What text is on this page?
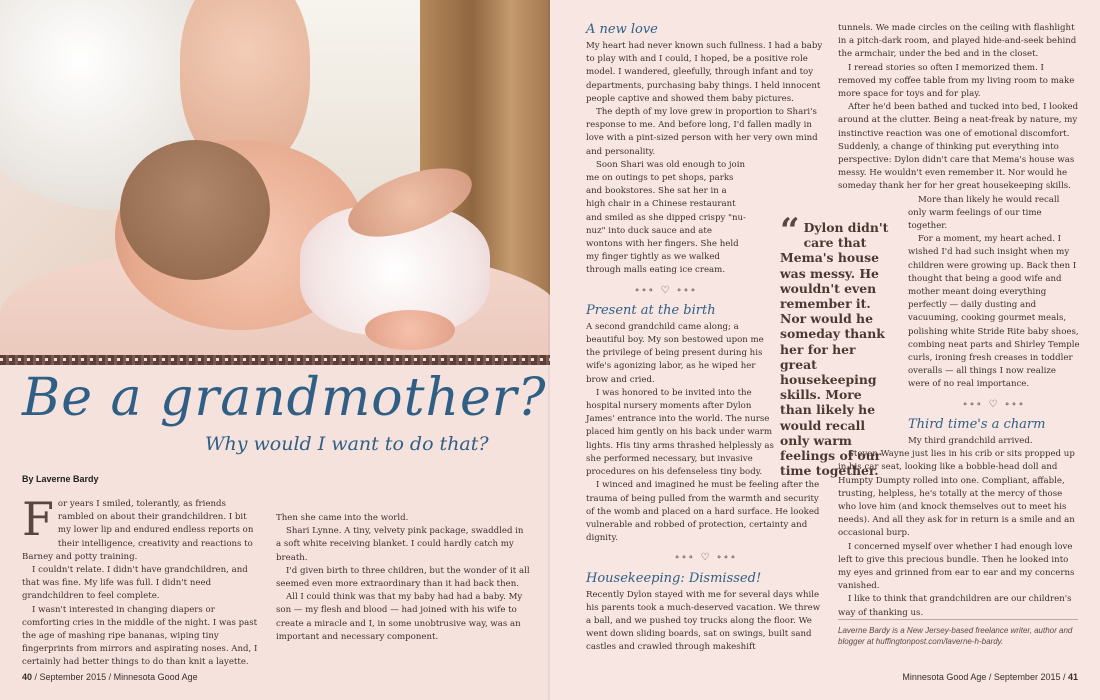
Be a grandmother?
Why would I want to do that?
By Laverne Bardy
F or years I smiled, tolerantly, as friends rambled on about their grandchildren. I bit my lower lip and endured endless reports on their intelligence, creativity and reactions to Barney and potty training.

I couldn't relate. I didn't have grandchildren, and that was fine. My life was full. I didn't need grandchildren to feel complete.

I wasn't interested in changing diapers or comforting cries in the middle of the night. I was past the age of mashing ripe bananas, wiping tiny fingerprints from mirrors and aspirating noses. And, I certainly had better things to do than knit a layette.

Then she came into the world.

Shari Lynne. A tiny, velvety pink package, swaddled in a soft white receiving blanket. I could hardly catch my breath.

I'd given birth to three children, but the wonder of it all seemed even more extraordinary than it had back then.

All I could think was that my baby had had a baby. My son — my flesh and blood — had joined with his wife to create a miracle and I, in some unobtrusive way, was an important and necessary component.

40 / September 2015 / Minnesota Good Age
A new love

My heart had never known such fullness. I had a baby to play with and I could, I hoped, be a positive role model. I wandered, gleefully, through infant and toy departments, purchasing baby things. I held innocent people captive and showed them baby pictures.

The depth of my love grew in proportion to Shari's response to me. And before long, I'd fallen madly in love with a pint-sized person with her very own mind and personality.

Soon Shari was old enough to join me on outings to pet shops, parks and bookstores. She sat her in a high chair in a Chinese restaurant and smiled as she dipped crispy "nu-nuz" into duck sauce and ate wontons with her fingers. She held my finger tightly as we walked through malls eating ice cream.

∘∘∘ ♡ ∘∘∘
Present at the birth

A second grandchild came along; a beautiful boy. My son bestowed upon me the privilege of being present during his wife's agonizing labor, as he wiped her brow and cried.

I was honored to be invited into the hospital nursery moments after Dylon James' entrance into the world. The nurse placed him gently on his back under warm lights. His tiny arms thrashed helplessly as she performed necessary, but invasive procedures on his defenseless tiny body.

I winced and imagined he must be feeling after the trauma of being pulled from the warmth and security of the womb and placed on a hard surface. He looked vulnerable and robbed of protection, certainty and dignity.

∘∘∘ ♡ ∘∘∘
Housekeeping: Dismissed!

Recently Dylon stayed with me for several days while his parents took a much-deserved vacation. We threw a ball, and we pushed toy trucks along the floor. We went down sliding boards, sat on swings, built sand castles and crawled through makeshift

“ Dylon didn't care that Mema's house was messy. He wouldn't even remember it. Nor would he someday thank her for her great housekeeping skills. More than likely he would recall only warm feelings of our time together.

tunnels. We made circles on the ceiling with flashlight in a pitch-dark room, and played hide-and-seek behind the armchair, under the bed and in the closet.

I reread stories so often I memorized them. I removed my coffee table from my living room to make more space for toys and for play.

After he'd been bathed and tucked into bed, I looked around at the clutter. Being a neat-freak by nature, my instinctive reaction was one of emotional discomfort. Suddenly, a change of thinking put everything into perspective: Dylon didn't care that Mema's house was messy. He wouldn't even remember it. Nor would he someday thank her for her great housekeeping skills.

More than likely he would recall only warm feelings of our time together.

For a moment, my heart ached. I wished I'd had such insight when my children were growing up. Back then I thought that being a good wife and mother meant doing everything perfectly — daily dusting and vacuuming, cooking gourmet meals, polishing white Stride Rite baby shoes, combing neat parts and Shirley Temple curls, ironing fresh creases in toddler overalls — all things I now realize were of no real importance.

∘∘∘ ♡ ∘∘∘
Third time's a charm

My third grandchild arrived.

Steven Wayne just lies in his crib or sits propped up in his car seat, looking like a bobble-head doll and Humpty Dumpty rolled into one. Compliant, affable, trusting, helpless, he's totally at the mercy of those who love him (and knock themselves out to meet his needs). And all they ask for in return is a smile and an occasional burp.

I concerned myself over whether I had enough love left to give this precious bundle. Then he looked into my eyes and grinned from ear to ear and my concerns vanished.

I like to think that grandchildren are our children's way of thanking us.

Laverne Bardy is a New Jersey-based freelance writer, author and blogger at huffingtonpost.com/laverne-h-bardy.
Minnesota Good Age / September 2015 / 41
